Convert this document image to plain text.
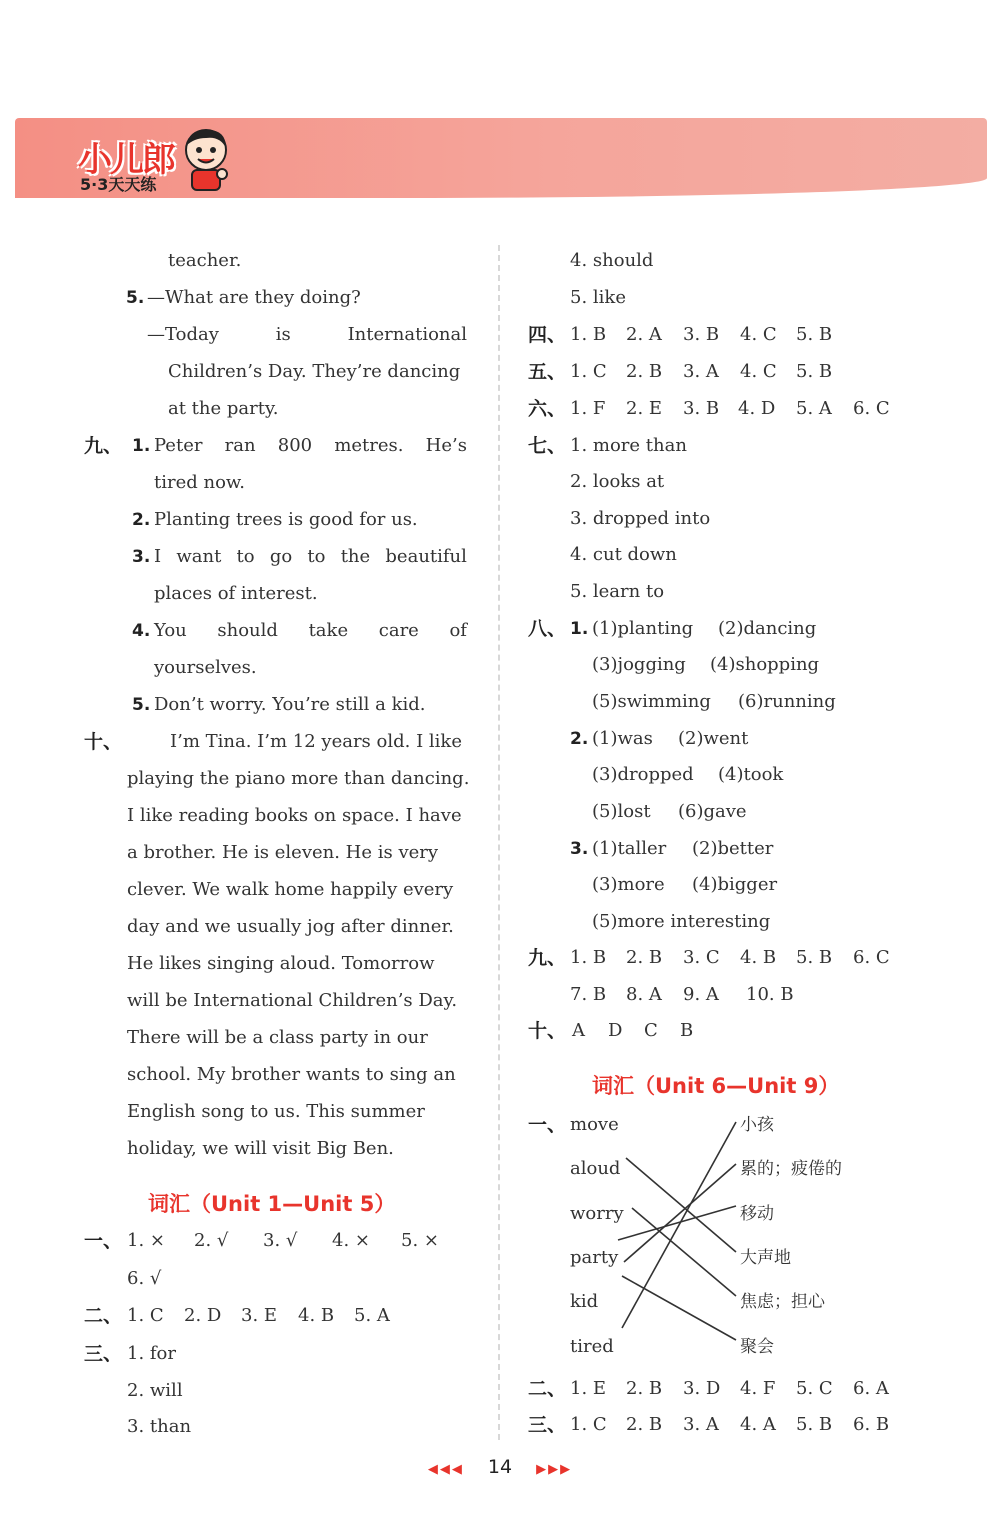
小儿郎
5·3天天练
teacher.
5. —What are they doing?
—Today	is	International
Children’s Day. They’re dancing
at the party.
九、 1. Peter ran 800 metres. He’s
tired now.
2. Planting trees is good for us.
3. I want to go to the beautiful
places of interest.
4. You should take care of
yourselves.
5. Don’t worry. You’re still a kid.
十、	I’m Tina. I’m 12 years old. I like
playing the piano more than dancing.
I like reading books on space. I have
a brother. He is eleven. He is very
clever. We walk home happily every
day and we usually jog after dinner.
He likes singing aloud. Tomorrow
will be International Children’s Day.
There will be a class party in our
school. My brother wants to sing an
English song to us. This summer
holiday, we will visit Big Ben.
词汇（Unit 1—Unit 5）
一、 1. × 2. √ 3. √ 4. × 5. ×
6. √
二、 1. C 2. D 3. E 4. B 5. A
三、 1. for
2. will
3. than
4. should
5. like
四、 1. B 2. A 3. B 4. C 5. B
五、 1. C 2. B 3. A 4. C 5. B
六、 1. F 2. E 3. B 4. D 5. A 6. C
七、 1. more than
2. looks at
3. dropped into
4. cut down
5. learn to
八、 1. (1)planting (2)dancing
(3)jogging (4)shopping
(5)swimming (6)running
2. (1)was (2)went
(3)dropped (4)took
(5)lost (6)gave
3. (1)taller (2)better
(3)more (4)bigger
(5)more interesting
九、 1. B 2. B 3. C 4. B 5. B 6. C
7. B 8. A 9. A 10. B
十、 A D C B
词汇（Unit 6—Unit 9）
一、 move
aloud
worry
party
kid
tired
小孩
累的；疲倦的
移动
大声地
焦虑；担心
聚会
二、 1. E 2. B 3. D 4. F 5. C 6. A
三、 1. C 2. B 3. A 4. A 5. B 6. B
◀◀◀ 14 ▶▶▶
